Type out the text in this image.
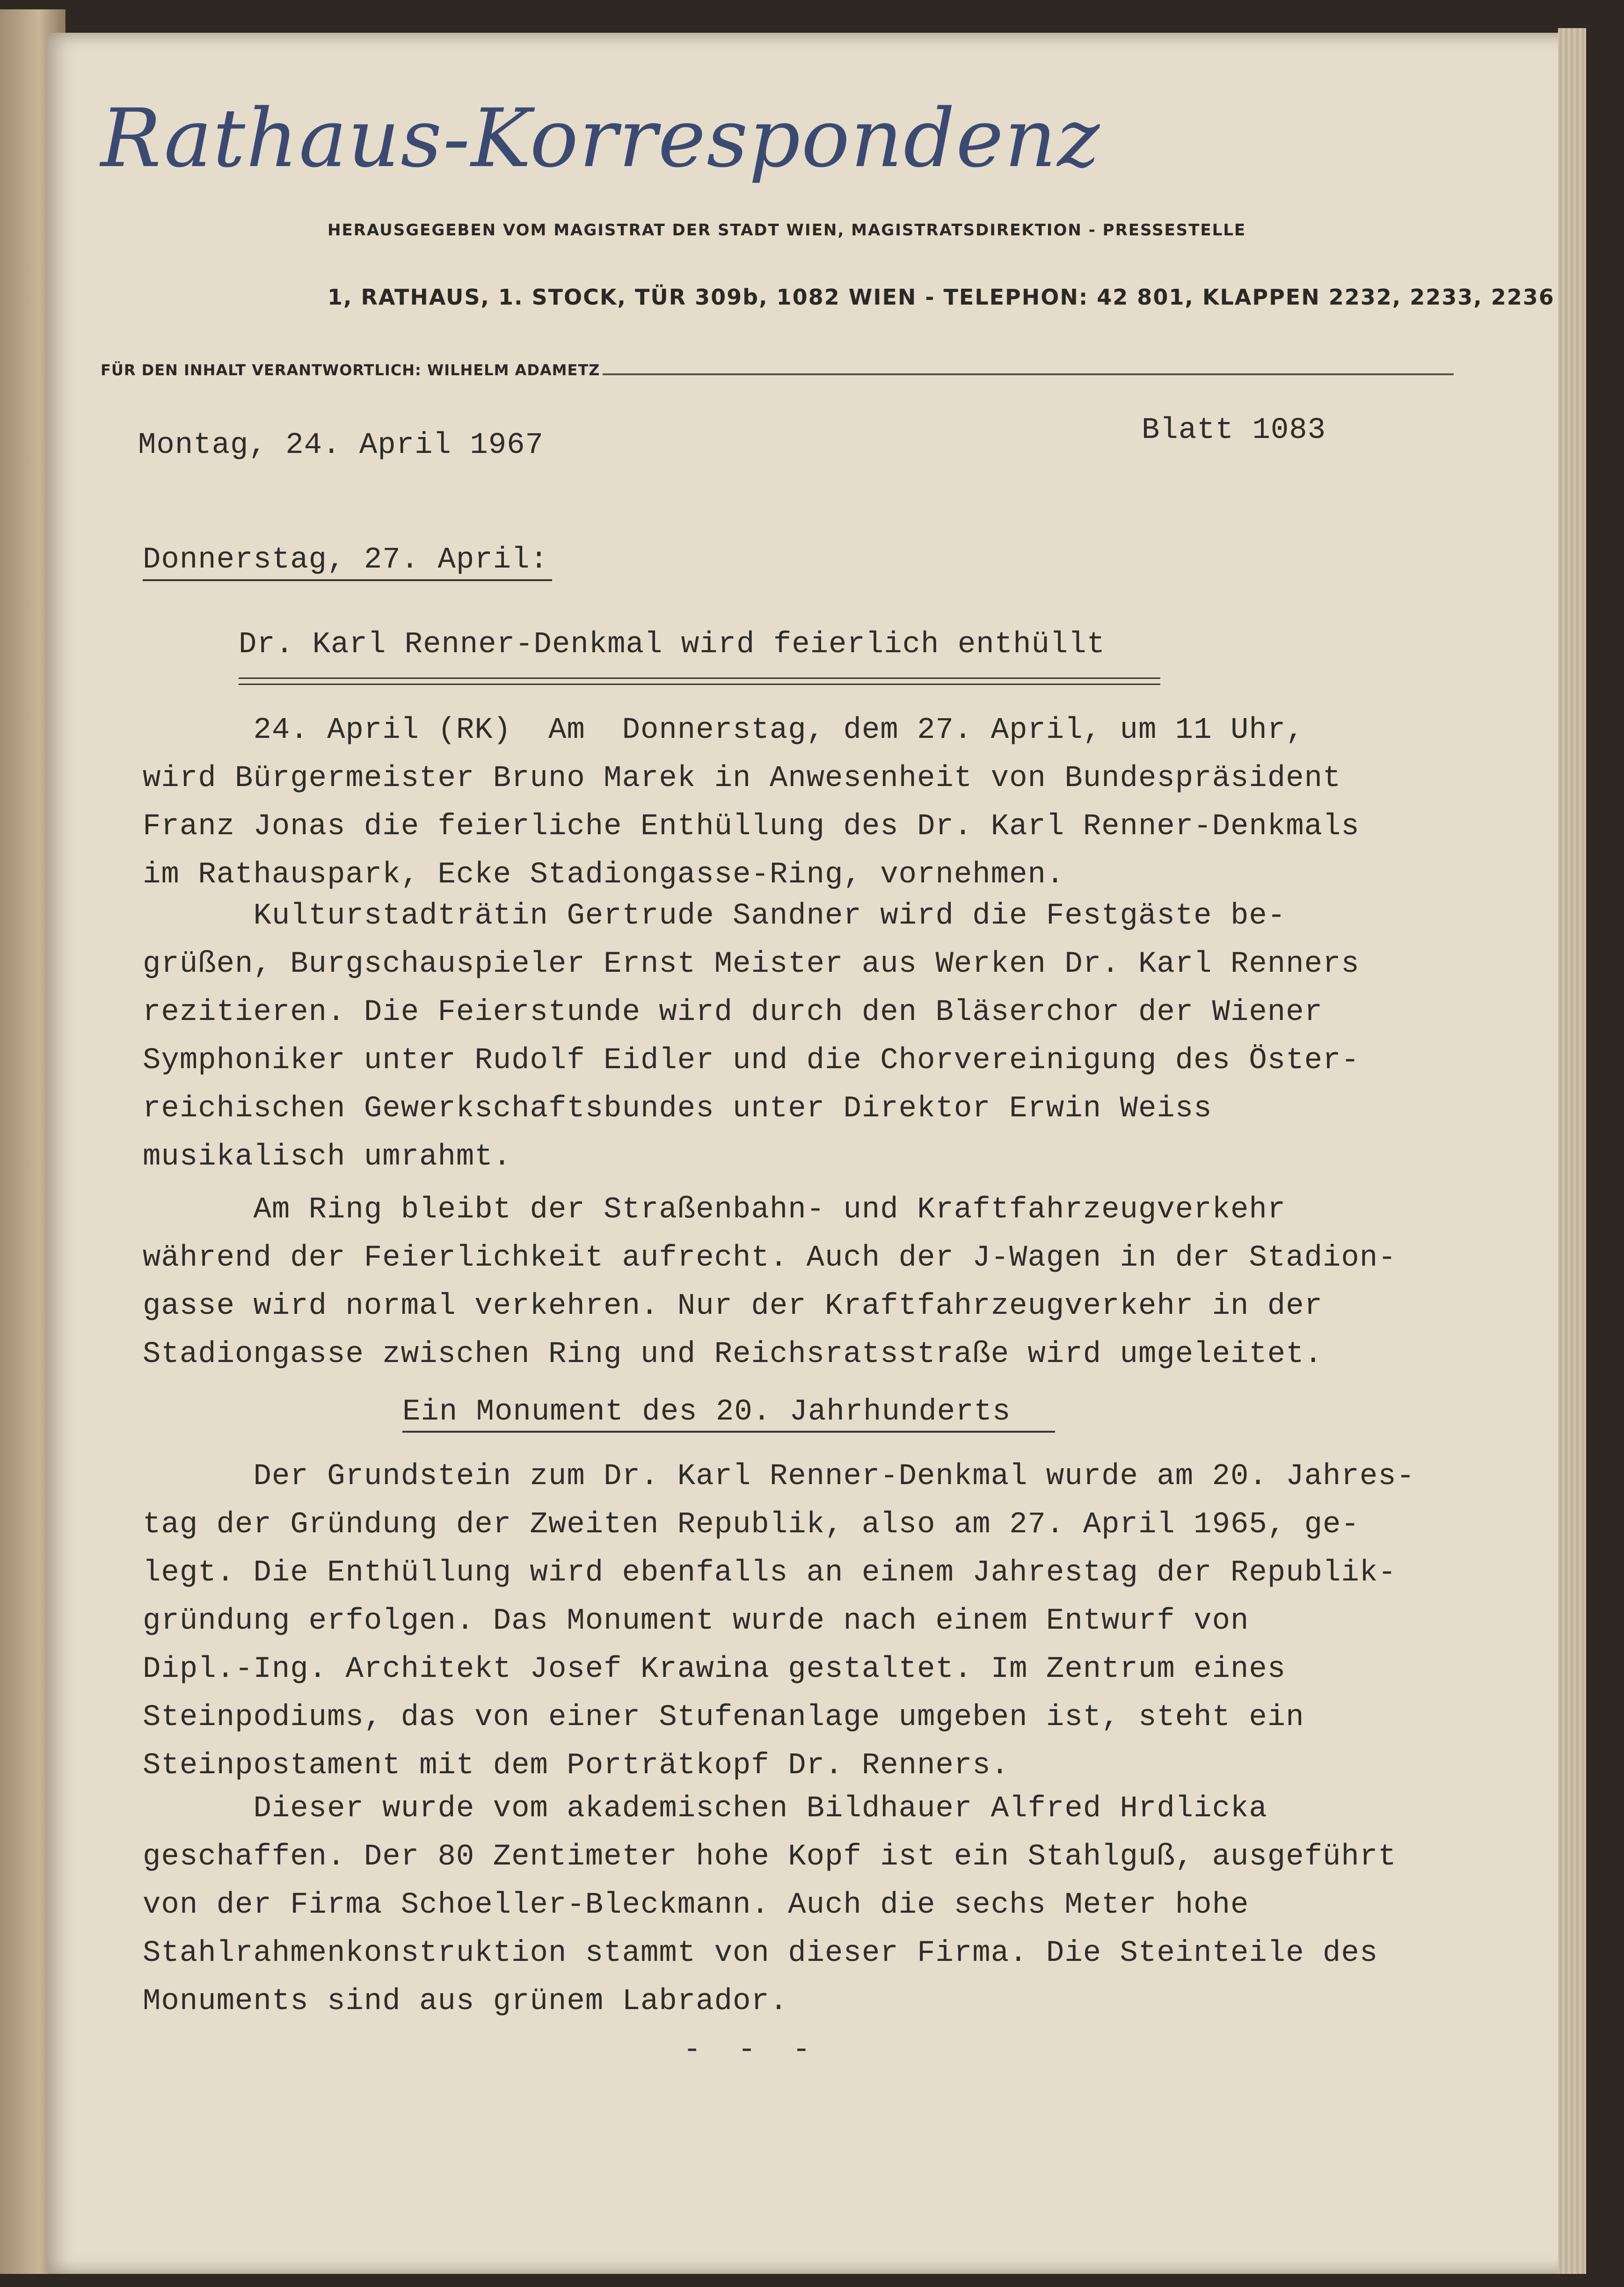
Rathaus-Korrespondenz
HERAUSGEGEBEN VOM MAGISTRAT DER STADT WIEN, MAGISTRATSDIREKTION - PRESSESTELLE
1, RATHAUS, 1. STOCK, TÜR 309b, 1082 WIEN - TELEPHON: 42 801, KLAPPEN 2232, 2233, 2236
FÜR DEN INHALT VERANTWORTLICH: WILHELM ADAMETZ
Montag, 24. April 1967	Blatt 1083
Donnerstag, 27. April:
Dr. Karl Renner-Denkmal wird feierlich enthüllt
24. April (RK)  Am  Donnerstag, dem 27. April, um 11 Uhr,
wird Bürgermeister Bruno Marek in Anwesenheit von Bundespräsident
Franz Jonas die feierliche Enthüllung des Dr. Karl Renner-Denkmals
im Rathauspark, Ecke Stadiongasse-Ring, vornehmen.
Kulturstadträtin Gertrude Sandner wird die Festgäste be-
grüßen, Burgschauspieler Ernst Meister aus Werken Dr. Karl Renners
rezitieren. Die Feierstunde wird durch den Bläserchor der Wiener
Symphoniker unter Rudolf Eidler und die Chorvereinigung des Öster-
reichischen Gewerkschaftsbundes unter Direktor Erwin Weiss
musikalisch umrahmt.
Am Ring bleibt der Straßenbahn- und Kraftfahrzeugverkehr
während der Feierlichkeit aufrecht. Auch der J-Wagen in der Stadion-
gasse wird normal verkehren. Nur der Kraftfahrzeugverkehr in der
Stadiongasse zwischen Ring und Reichsratsstraße wird umgeleitet.
Ein Monument des 20. Jahrhunderts
Der Grundstein zum Dr. Karl Renner-Denkmal wurde am 20. Jahres-
tag der Gründung der Zweiten Republik, also am 27. April 1965, ge-
legt. Die Enthüllung wird ebenfalls an einem Jahrestag der Republik-
gründung erfolgen. Das Monument wurde nach einem Entwurf von
Dipl.-Ing. Architekt Josef Krawina gestaltet. Im Zentrum eines
Steinpodiums, das von einer Stufenanlage umgeben ist, steht ein
Steinpostament mit dem Porträtkopf Dr. Renners.
Dieser wurde vom akademischen Bildhauer Alfred Hrdlicka
geschaffen. Der 80 Zentimeter hohe Kopf ist ein Stahlguß, ausgeführt
von der Firma Schoeller-Bleckmann. Auch die sechs Meter hohe
Stahlrahmenkonstruktion stammt von dieser Firma. Die Steinteile des
Monuments sind aus grünem Labrador.
- - -
